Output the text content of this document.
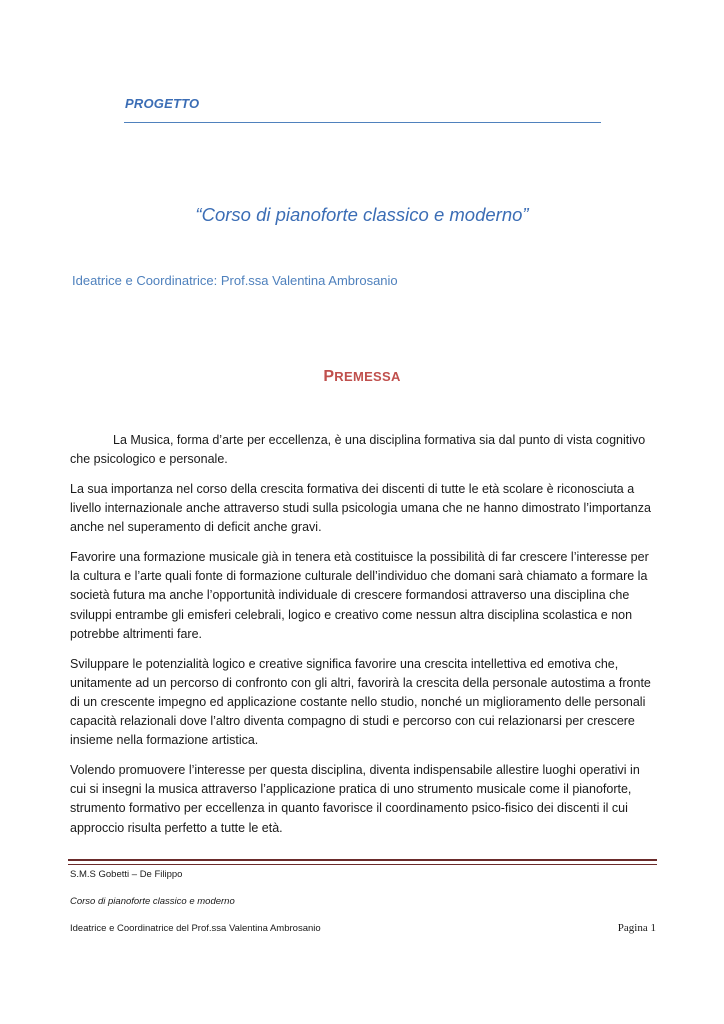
PROGETTO

“Corso di pianoforte classico e moderno”

Ideatrice e Coordinatrice: Prof.ssa Valentina Ambrosanio

PREMESSA

La Musica, forma d’arte per eccellenza, è una disciplina formativa sia dal punto di vista cognitivo che psicologico e personale.

La sua importanza nel corso della crescita formativa dei discenti di tutte le età scolare è riconosciuta a livello internazionale anche attraverso studi sulla psicologia umana che ne hanno dimostrato l’importanza anche nel superamento di deficit anche gravi.

Favorire una formazione musicale già in tenera età costituisce la possibilità di far crescere l’interesse per la cultura e l’arte quali fonte di formazione culturale dell’individuo che domani sarà chiamato a formare la società futura ma anche l’opportunità individuale di crescere formandosi attraverso una disciplina che sviluppi entrambe gli emisferi celebrali, logico e creativo come nessun altra disciplina scolastica e non potrebbe altrimenti fare.

Sviluppare le potenzialità logico e creative significa favorire una crescita intellettiva ed emotiva che, unitamente ad un percorso di confronto con gli altri, favorirà la crescita della personale autostima a fronte di un crescente impegno ed applicazione costante nello studio, nonché un miglioramento delle personali capacità relazionali dove l’altro diventa compagno di studi e percorso con cui relazionarsi per crescere insieme nella formazione artistica.

Volendo promuovere l’interesse per questa disciplina, diventa indispensabile allestire luoghi operativi in cui si insegni la musica attraverso l’applicazione pratica di uno strumento musicale come il pianoforte, strumento formativo per eccellenza in quanto favorisce il coordinamento psico-fisico dei discenti il cui approccio risulta perfetto a tutte le età.

S.M.S Gobetti – De Filippo

Corso di pianoforte classico e moderno

Ideatrice e Coordinatrice del Prof.ssa Valentina Ambrosanio	Pagina 1
